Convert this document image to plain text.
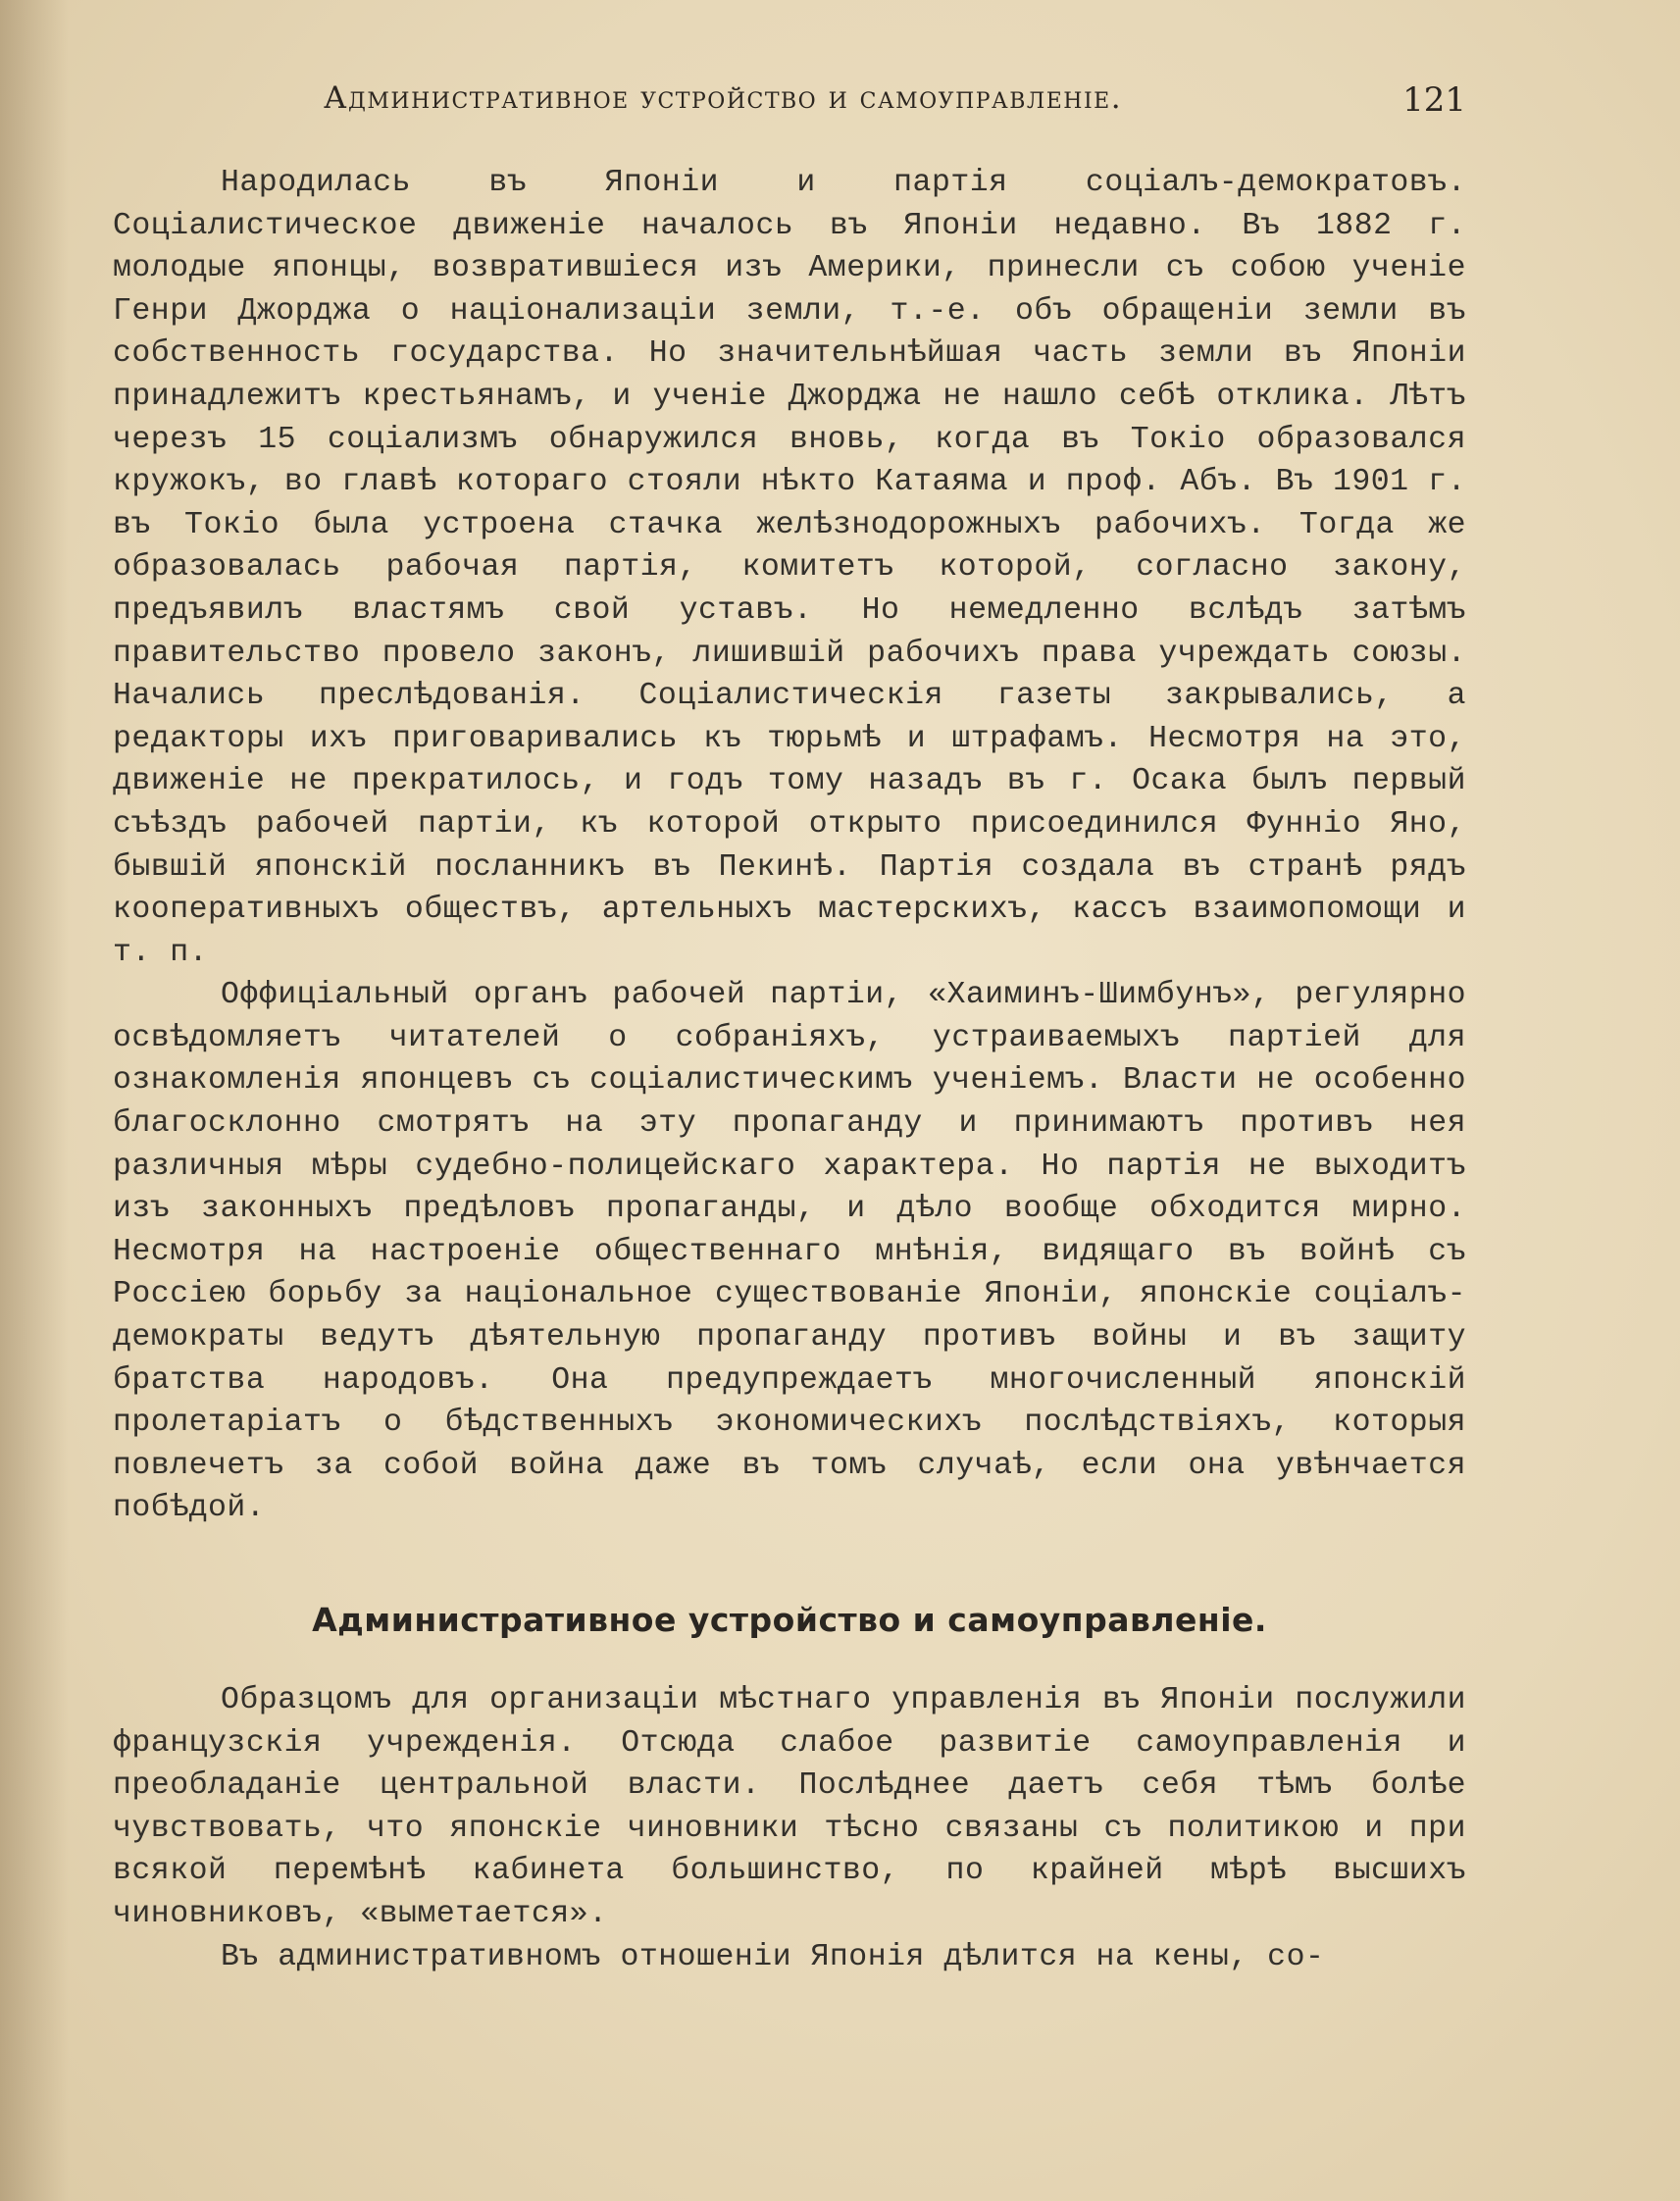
Административное устройство и самоуправленіе.	121

Народилась въ Японіи и партія соціалъ-демократовъ. Соціалистическое движеніе началось въ Японіи недавно. Въ 1882 г. молодые японцы, возвратившіеся изъ Америки, принесли съ собою ученіе Генри Джорджа о націонализаціи земли, т.-е. объ обращеніи земли въ собственность государства. Но значительнѣйшая часть земли въ Японіи принадлежитъ крестьянамъ, и ученіе Джорджа не нашло себѣ отклика. Лѣтъ черезъ 15 соціализмъ обнаружился вновь, когда въ Токіо образовался кружокъ, во главѣ котораго стояли нѣкто Катаяма и проф. Абъ. Въ 1901 г. въ Токіо была устроена стачка желѣзнодорожныхъ рабочихъ. Тогда же образовалась рабочая партія, комитетъ которой, согласно закону, предъявилъ властямъ свой уставъ. Но немедленно вслѣдъ затѣмъ правительство провело законъ, лишившій рабочихъ права учреждать союзы. Начались преслѣдованія. Соціалистическія газеты закрывались, а редакторы ихъ приговаривались къ тюрьмѣ и штрафамъ. Несмотря на это, движеніе не прекратилось, и годъ тому назадъ въ г. Осака былъ первый съѣздъ рабочей партіи, къ которой открыто присоединился Фунніо Яно, бывшій японскій посланникъ въ Пекинѣ. Партія создала въ странѣ рядъ кооперативныхъ обществъ, артельныхъ мастерскихъ, кассъ взаимопомощи и т. п.

Оффиціальный органъ рабочей партіи, «Хаиминъ-Шимбунъ», регулярно освѣдомляетъ читателей о собраніяхъ, устраиваемыхъ партіей для ознакомленія японцевъ съ соціалистическимъ ученіемъ. Власти не особенно благосклонно смотрятъ на эту пропаганду и принимаютъ противъ нея различныя мѣры судебно-полицейскаго характера. Но партія не выходитъ изъ законныхъ предѣловъ пропаганды, и дѣло вообще обходится мирно. Несмотря на настроеніе общественнаго мнѣнія, видящаго въ войнѣ съ Россіею борьбу за національное существованіе Японіи, японскіе соціалъ-демократы ведутъ дѣятельную пропаганду противъ войны и въ защиту братства народовъ. Она предупреждаетъ многочисленный японскій пролетаріатъ о бѣдственныхъ экономическихъ послѣдствіяхъ, которыя повлечетъ за собой война даже въ томъ случаѣ, если она увѣнчается побѣдой.

Административное устройство и самоуправленіе.

Образцомъ для организаціи мѣстнаго управленія въ Японіи послужили французскія учрежденія. Отсюда слабое развитіе самоуправленія и преобладаніе центральной власти. Послѣднее даетъ себя тѣмъ болѣе чувствовать, что японскіе чиновники тѣсно связаны съ политикою и при всякой перемѣнѣ кабинета большинство, по крайней мѣрѣ высшихъ чиновниковъ, «выметается».

Въ административномъ отношеніи Японія дѣлится на кены, со-
